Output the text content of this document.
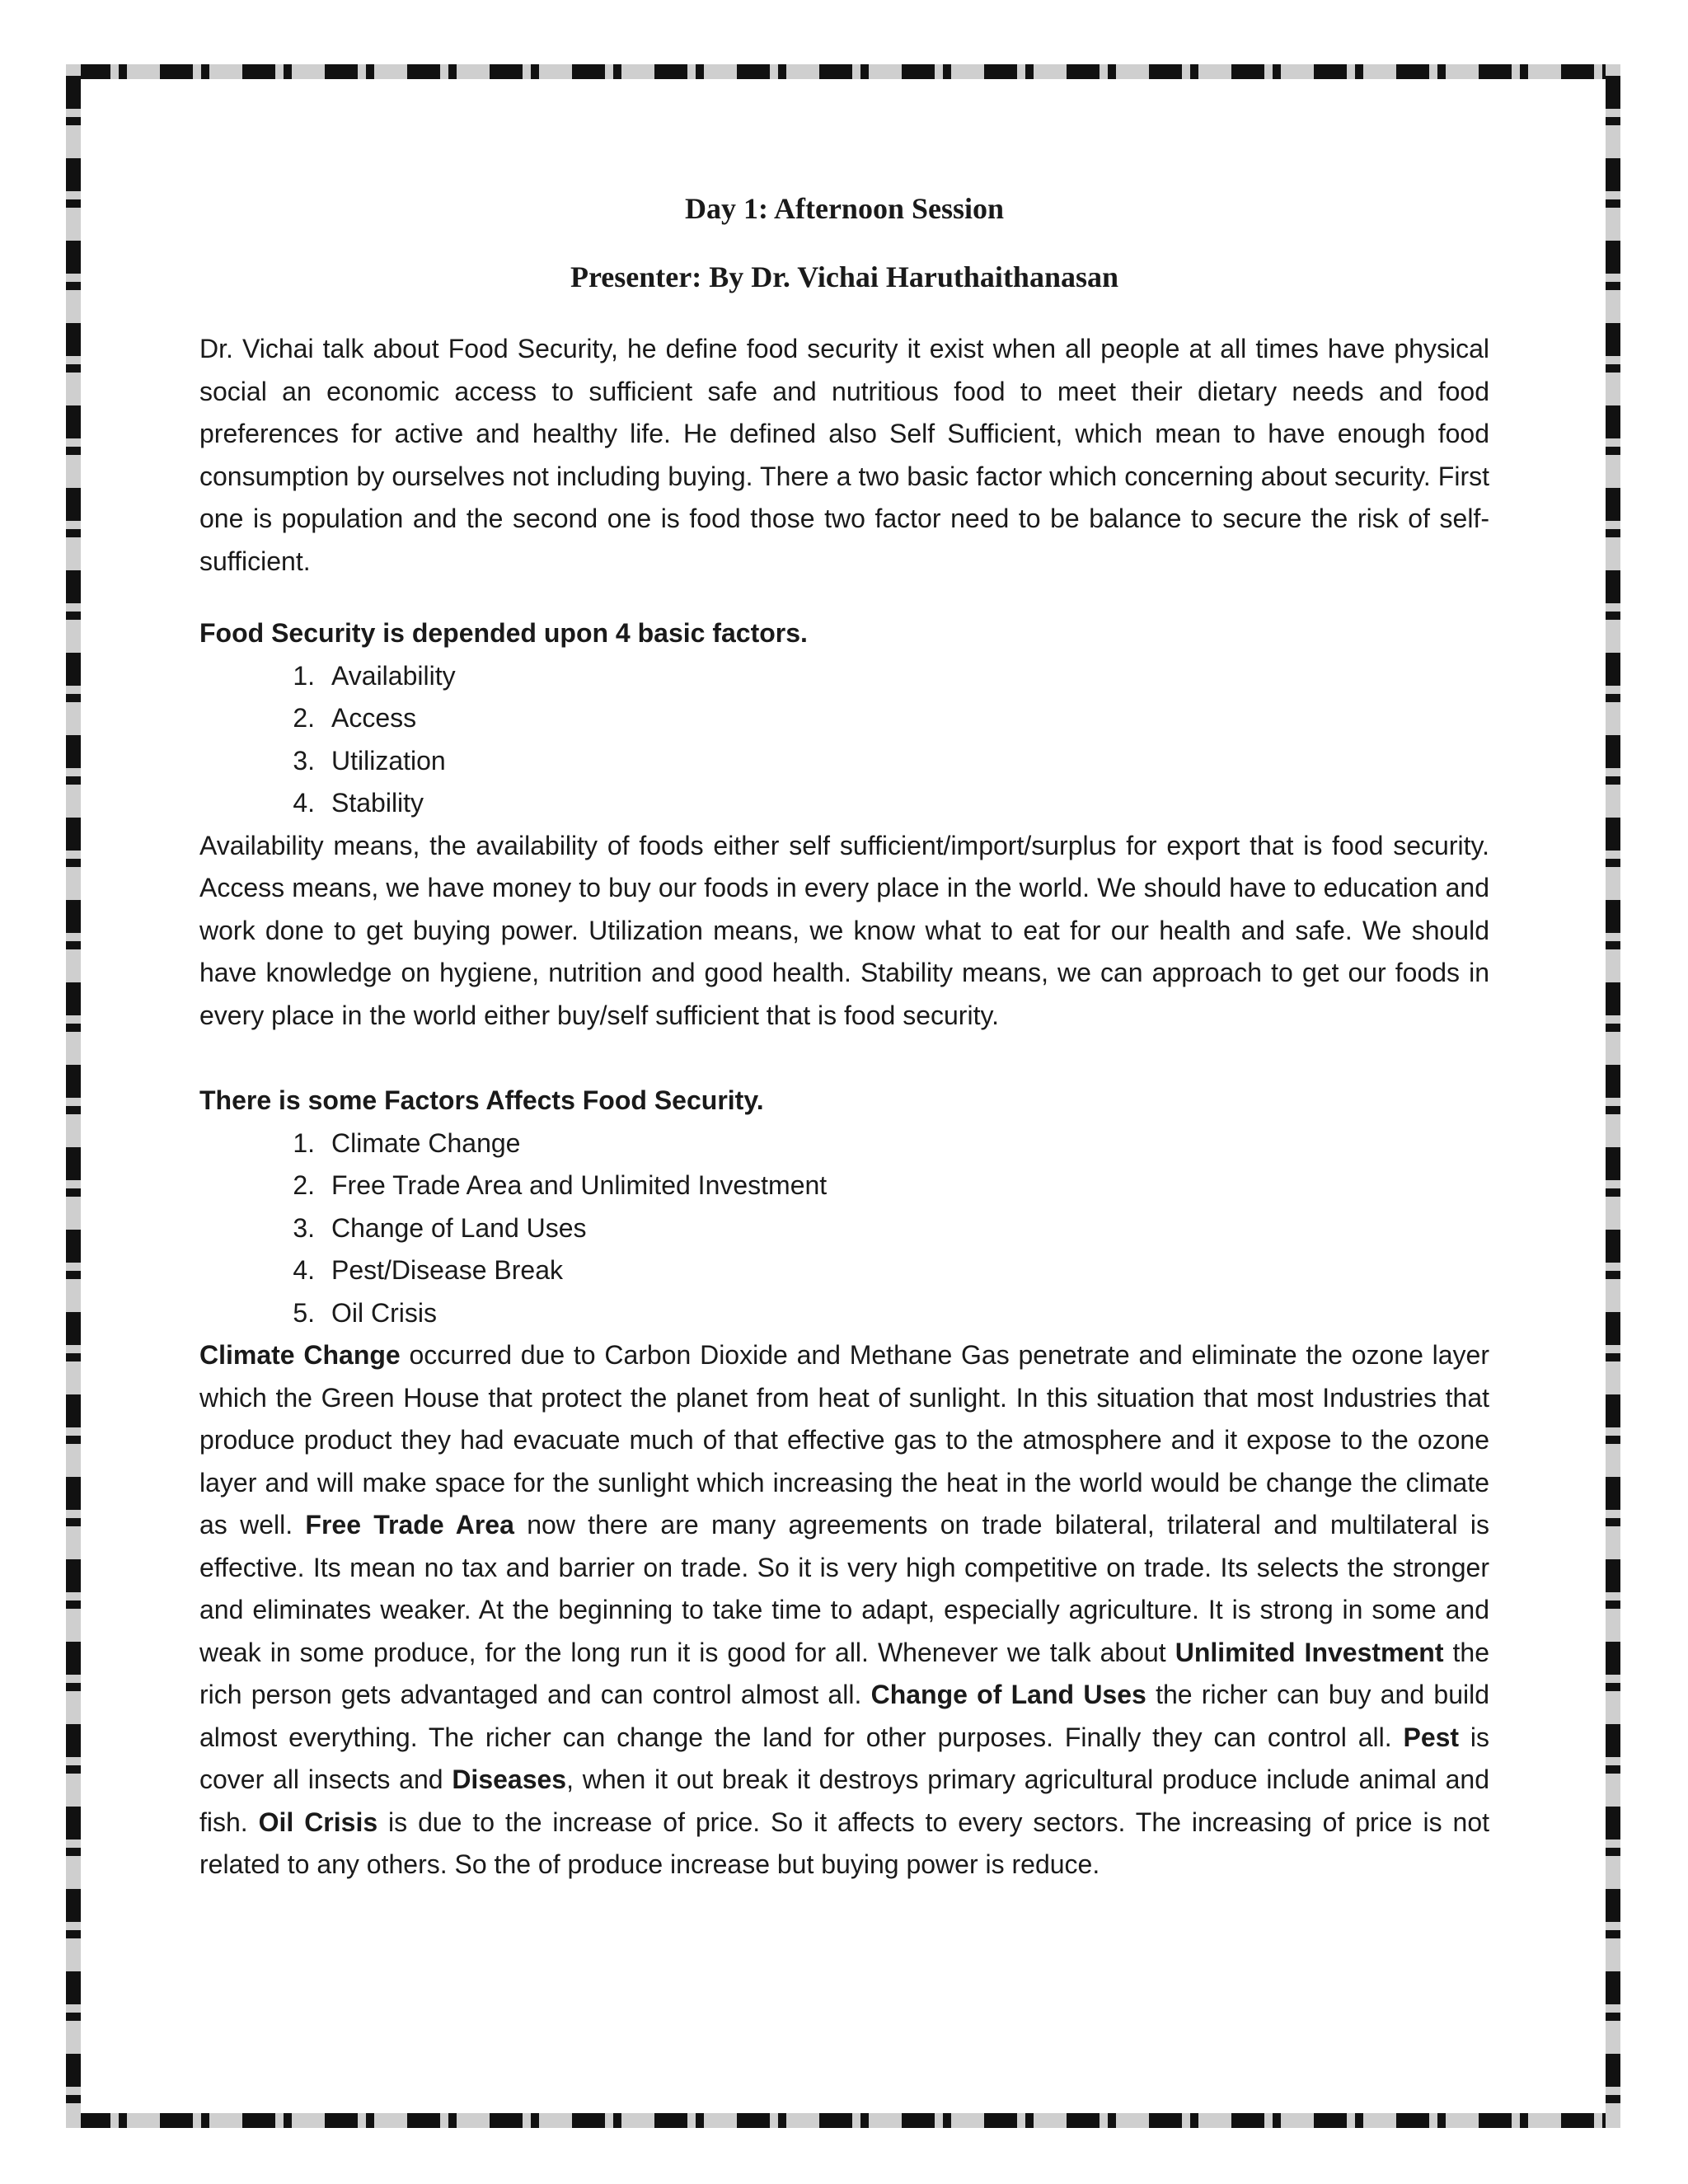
Day 1: Afternoon Session
Presenter: By Dr. Vichai Haruthaithanasan

Dr. Vichai talk about Food Security, he define food security it exist when all people at all times have physical social an economic access to sufficient safe and nutritious food to meet their dietary needs and food preferences for active and healthy life. He defined also Self Sufficient, which mean to have enough food consumption by ourselves not including buying. There a two basic factor which concerning about security. First one is population and the second one is food those two factor need to be balance to secure the risk of self-sufficient.

Food Security is depended upon 4 basic factors.
1. Availability
2. Access
3. Utilization
4. Stability

Availability means, the availability of foods either self sufficient/import/surplus for export that is food security. Access means, we have money to buy our foods in every place in the world. We should have to education and work done to get buying power. Utilization means, we know what to eat for our health and safe. We should have knowledge on hygiene, nutrition and good health. Stability means, we can approach to get our foods in every place in the world either buy/self sufficient that is food security.

There is some Factors Affects Food Security.
1. Climate Change
2. Free Trade Area and Unlimited Investment
3. Change of Land Uses
4. Pest/Disease Break
5. Oil Crisis

Climate Change occurred due to Carbon Dioxide and Methane Gas penetrate and eliminate the ozone layer which the Green House that protect the planet from heat of sunlight. In this situation that most Industries that produce product they had evacuate much of that effective gas to the atmosphere and it expose to the ozone layer and will make space for the sunlight which increasing the heat in the world would be change the climate as well. Free Trade Area now there are many agreements on trade bilateral, trilateral and multilateral is effective. Its mean no tax and barrier on trade. So it is very high competitive on trade. Its selects the stronger and eliminates weaker. At the beginning to take time to adapt, especially agriculture. It is strong in some and weak in some produce, for the long run it is good for all. Whenever we talk about Unlimited Investment the rich person gets advantaged and can control almost all. Change of Land Uses the richer can buy and build almost everything. The richer can change the land for other purposes. Finally they can control all. Pest is cover all insects and Diseases, when it out break it destroys primary agricultural produce include animal and fish. Oil Crisis is due to the increase of price. So it affects to every sectors. The increasing of price is not related to any others. So the of produce increase but buying power is reduce.
